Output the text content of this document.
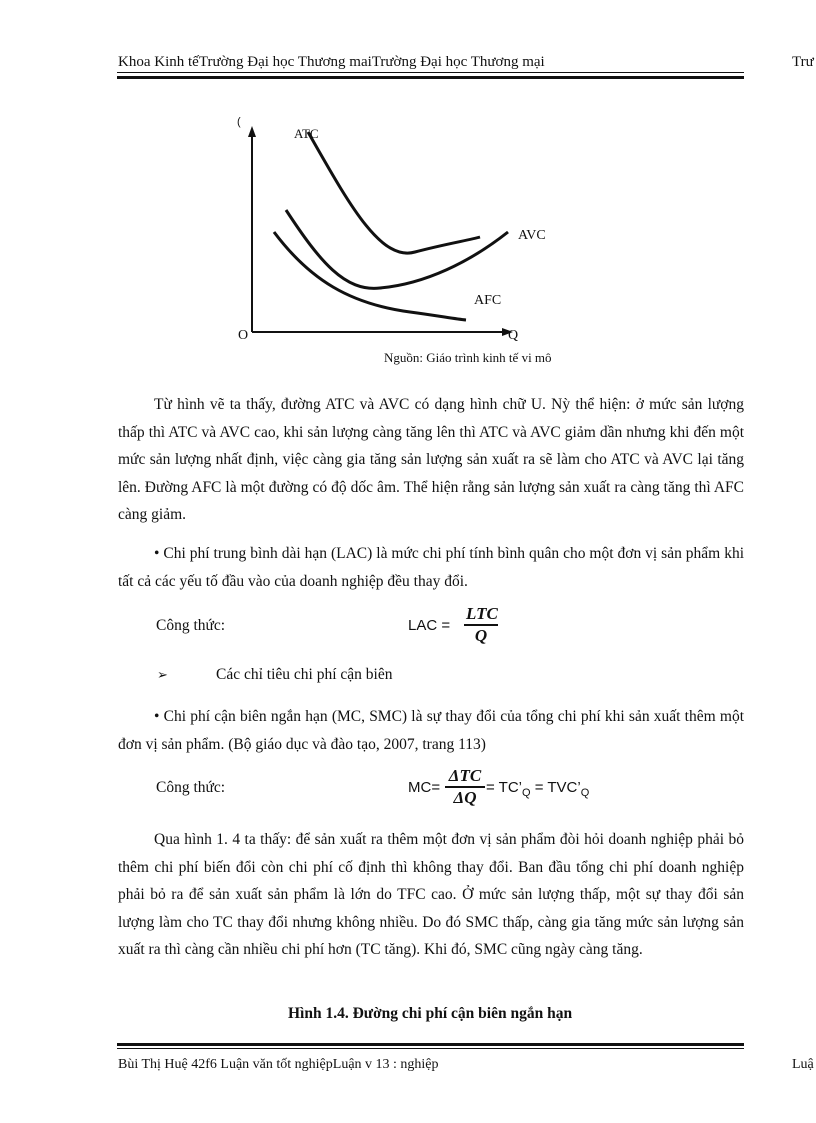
Khoa Kinh tếTrường Đại học Thương maiTrường Đại học Thương mại	Trư
(
ATC
AVC
AFC
O	Q
Nguồn: Giáo trình kinh tế vi mô

Từ hình vẽ ta thấy, đường ATC và AVC có dạng hình chữ U. Nỳ thể hiện: ở mức sản lượng thấp thì ATC và AVC cao, khi sản lượng càng tăng lên thì ATC và AVC giảm dần nhưng khi đến một mức sản lượng nhất định, việc càng gia tăng sản lượng sản xuất ra sẽ làm cho ATC và AVC lại tăng lên. Đường AFC là một đường có độ dốc âm. Thể hiện rằng sản lượng sản xuất ra càng tăng thì AFC càng giảm.

• Chi phí trung bình dài hạn (LAC) là mức chi phí tính bình quân cho một đơn vị sản phẩm khi tất cả các yếu tố đầu vào của doanh nghiệp đều thay đổi.

Công thức:	LAC =
LTC
Q
➢	Các chỉ tiêu chi phí cận biên

• Chi phí cận biên ngắn hạn (MC, SMC) là sự thay đổi của tổng chi phí khi sản xuất thêm một đơn vị sản phẩm. (Bộ giáo dục và đào tạo, 2007, trang 113)

Công thức:	MC=
ΔTC
ΔQ
= $TC’_Q$ = $TVC’_Q$

Qua hình 1. 4 ta thấy: để sản xuất ra thêm một đơn vị sản phẩm đòi hỏi doanh nghiệp phải bỏ thêm chi phí biến đổi còn chi phí cố định thì không thay đổi. Ban đầu tổng chi phí doanh nghiệp phải bỏ ra để sản xuất sản phẩm là lớn do TFC cao. Ở mức sản lượng thấp, một sự thay đổi sản lượng làm cho TC thay đổi nhưng không nhiều. Do đó SMC thấp, càng gia tăng mức sản lượng sản xuất ra thì càng cần nhiều chi phí hơn (TC tăng). Khi đó, SMC cũng ngày càng tăng.

Hình 1.4. Đường chi phí cận biên ngắn hạn
Bùi Thị Huệ 42f6 Luận văn tốt nghiệpLuận v 13 : nghiệp	Luậ
